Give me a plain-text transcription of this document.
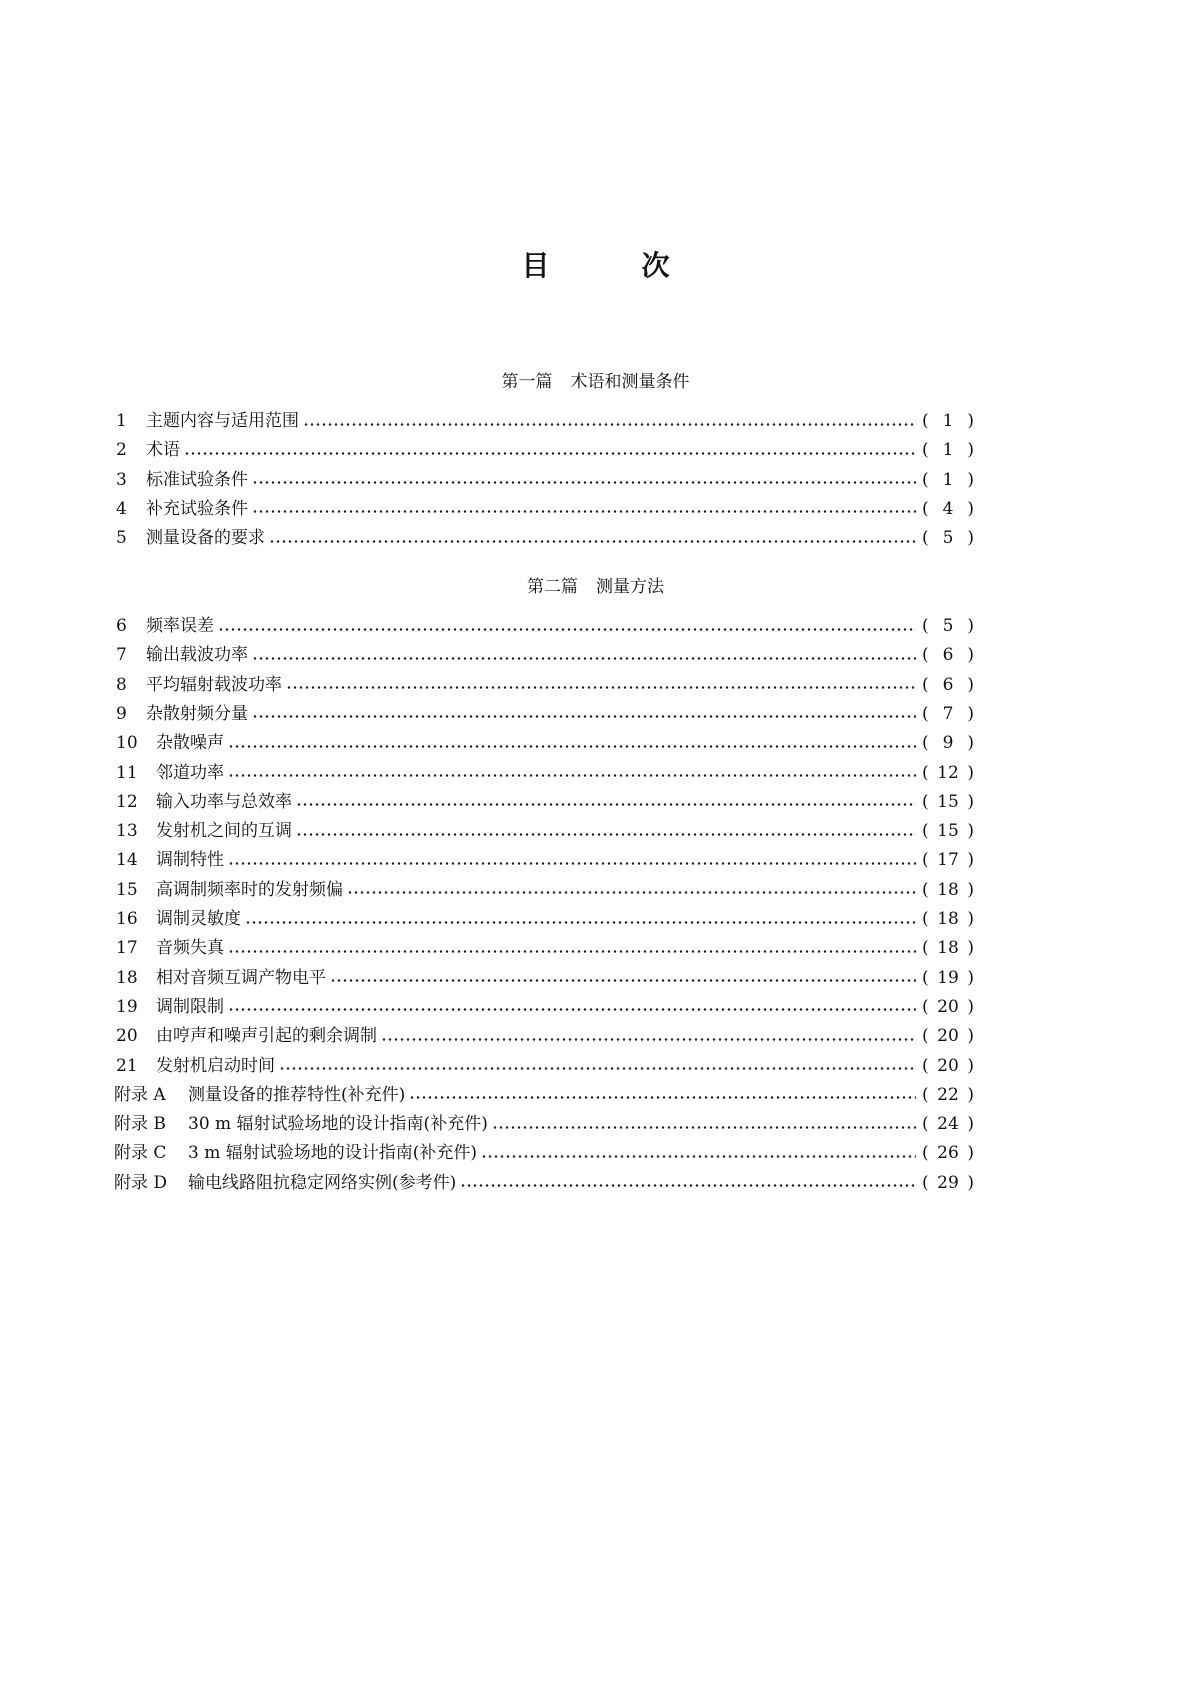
目	次
第一篇 术语和测量条件
1	主题内容与适用范围	( 1 )
2	术语	( 1 )
3	标准试验条件	( 1 )
4	补充试验条件	( 4 )
5	测量设备的要求	( 5 )
第二篇 测量方法
6	频率误差	( 5 )
7	输出载波功率	( 6 )
8	平均辐射载波功率	( 6 )
9	杂散射频分量	( 7 )
10	杂散噪声	( 9 )
11	邻道功率	( 12 )
12	输入功率与总效率	( 15 )
13	发射机之间的互调	( 15 )
14	调制特性	( 17 )
15	高调制频率时的发射频偏	( 18 )
16	调制灵敏度	( 18 )
17	音频失真	( 18 )
18	相对音频互调产物电平	( 19 )
19	调制限制	( 20 )
20	由哼声和噪声引起的剩余调制	( 20 )
21	发射机启动时间	( 20 )
附录 A	测量设备的推荐特性(补充件)	( 22 )
附录 B	30 m 辐射试验场地的设计指南(补充件)	( 24 )
附录 C	3 m 辐射试验场地的设计指南(补充件)	( 26 )
附录 D	输电线路阻抗稳定网络实例(参考件)	( 29 )
